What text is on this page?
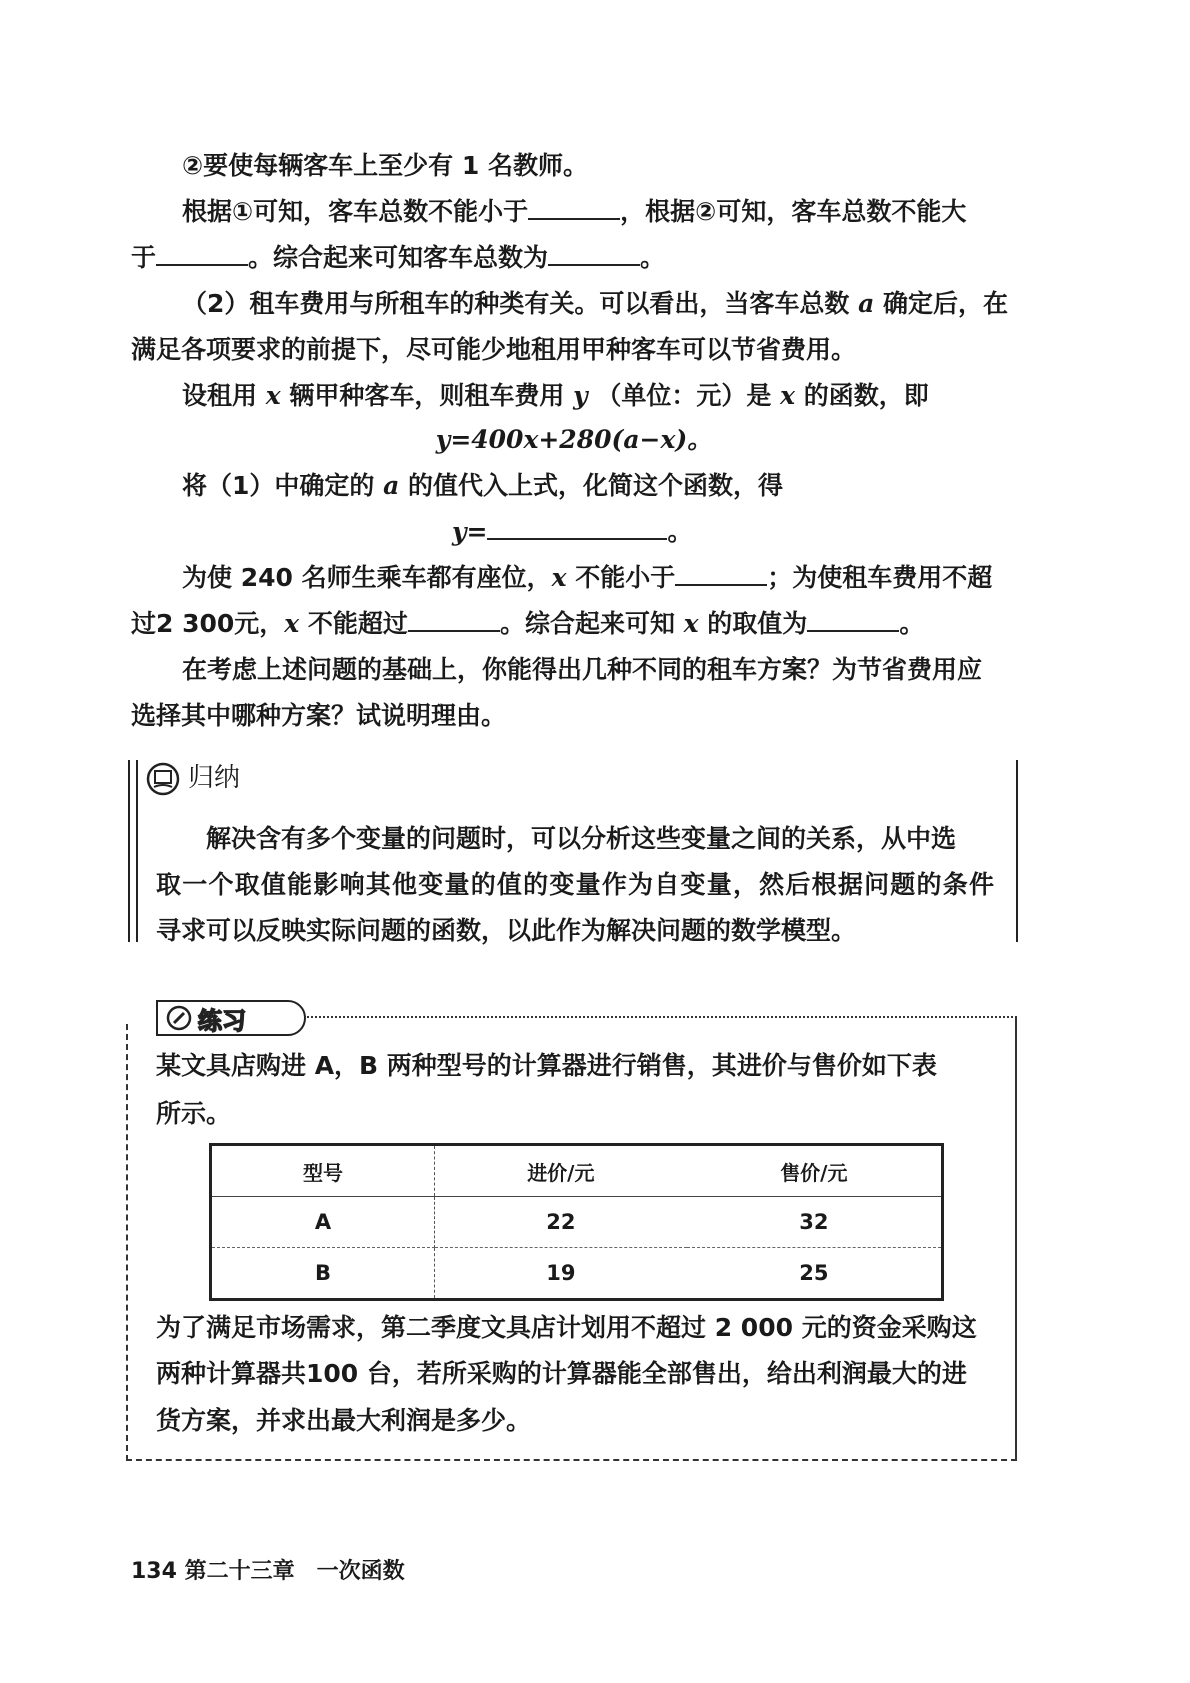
②要使每辆客车上至少有 1 名教师。
根据①可知，客车总数不能小于	，根据②可知，客车总数不能大
于	。综合起来可知客车总数为	。
（2）租车费用与所租车的种类有关。可以看出，当客车总数 a 确定后，在
满足各项要求的前提下，尽可能少地租用甲种客车可以节省费用。
设租用 x 辆甲种客车，则租车费用 y （单位：元）是 x 的函数，即
y=400x+280(a−x)。
将（1）中确定的 a 的值代入上式，化简这个函数，得
y=	。
为使 240 名师生乘车都有座位，x 不能小于	；为使租车费用不超
过2 300元，x 不能超过	。综合起来可知 x 的取值为	。
在考虑上述问题的基础上，你能得出几种不同的租车方案？为节省费用应
选择其中哪种方案？试说明理由。
归纳
解决含有多个变量的问题时，可以分析这些变量之间的关系，从中选
取一个取值能影响其他变量的值的变量作为自变量，然后根据问题的条件
寻求可以反映实际问题的函数，以此作为解决问题的数学模型。
练习
某文具店购进 A，B 两种型号的计算器进行销售，其进价与售价如下表
所示。
型号	进价/元	售价/元
A	22	32
B	19	25
为了满足市场需求，第二季度文具店计划用不超过 2 000 元的资金采购这
两种计算器共100 台，若所采购的计算器能全部售出，给出利润最大的进
货方案，并求出最大利润是多少。
134 第二十三章　一次函数
